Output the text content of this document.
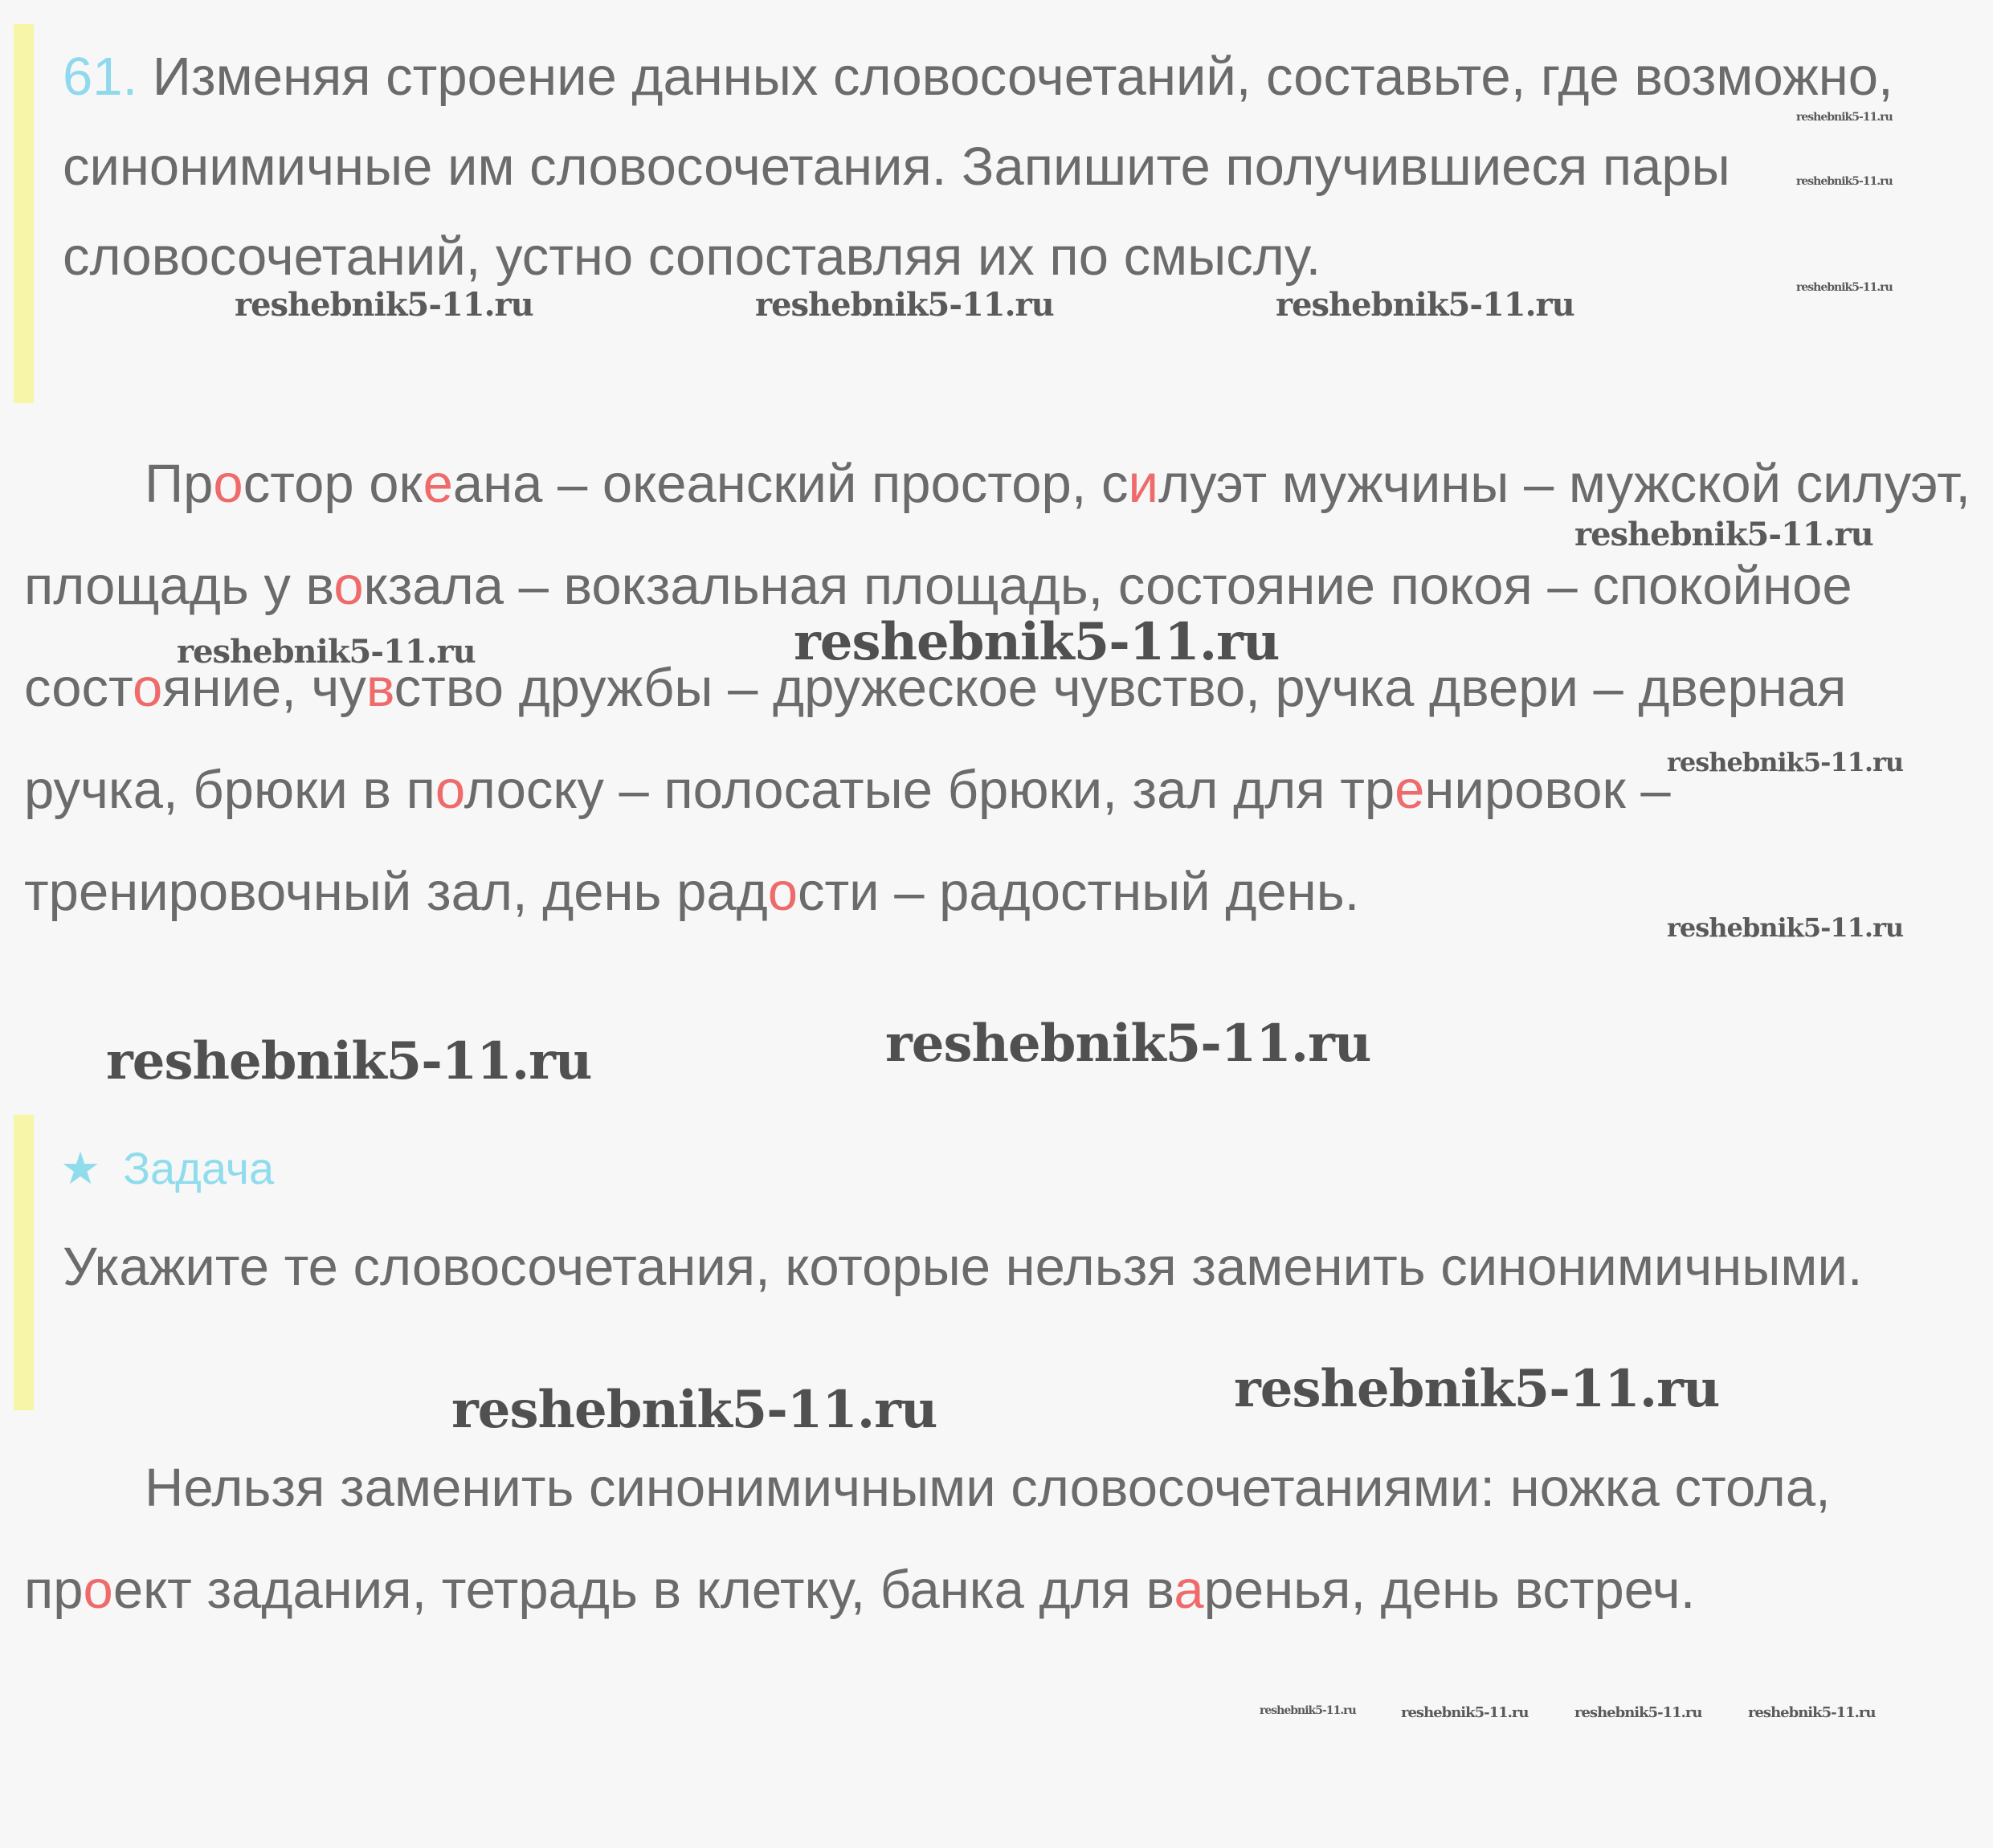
61. Изменяя строение данных словосочетаний, составьте, где возможно, синонимичные им словосочетания. Запишите получившиеся пары словосочетаний, устно сопоставляя их по смыслу.
Простор океана – океанский простор, силуэт мужчины – мужской силуэт, площадь у вокзала – вокзальная площадь, состояние покоя – спокойное состояние, чувство дружбы – дружеское чувство, ручка двери – дверная ручка, брюки в полоску – полосатые брюки, зал для тренировок – тренировочный зал, день радости – радостный день.
★ Задача
Укажите те словосочетания, которые нельзя заменить синонимичными.
Нельзя заменить синонимичными словосочетаниями: ножка стола, проект задания, тетрадь в клетку, банка для варенья, день встреч.
reshebnik5-11.ru
reshebnik5-11.ru
reshebnik5-11.ru
reshebnik5-11.ru	reshebnik5-11.ru	reshebnik5-11.ru
reshebnik5-11.ru
reshebnik5-11.ru	reshebnik5-11.ru
reshebnik5-11.ru
reshebnik5-11.ru
reshebnik5-11.ru	reshebnik5-11.ru
reshebnik5-11.ru
reshebnik5-11.ru
reshebnik5-11.ru	reshebnik5-11.ru	reshebnik5-11.ru	reshebnik5-11.ru
